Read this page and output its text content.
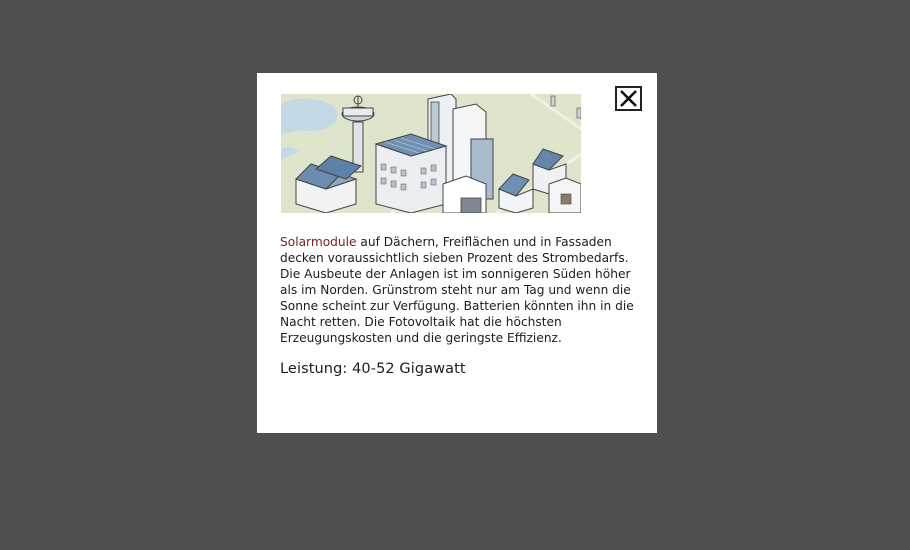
Solarmodule auf Dächern, Freiflächen und in Fassaden decken voraussichtlich sieben Prozent des Strombedarfs. Die Ausbeute der Anlagen ist im sonnigeren Süden höher als im Norden. Grünstrom steht nur am Tag und wenn die Sonne scheint zur Verfügung. Batterien könnten ihn in die Nacht retten. Die Fotovoltaik hat die höchsten Erzeugungskosten und die geringste Effizienz.

Leistung: 40-52 Gigawatt
